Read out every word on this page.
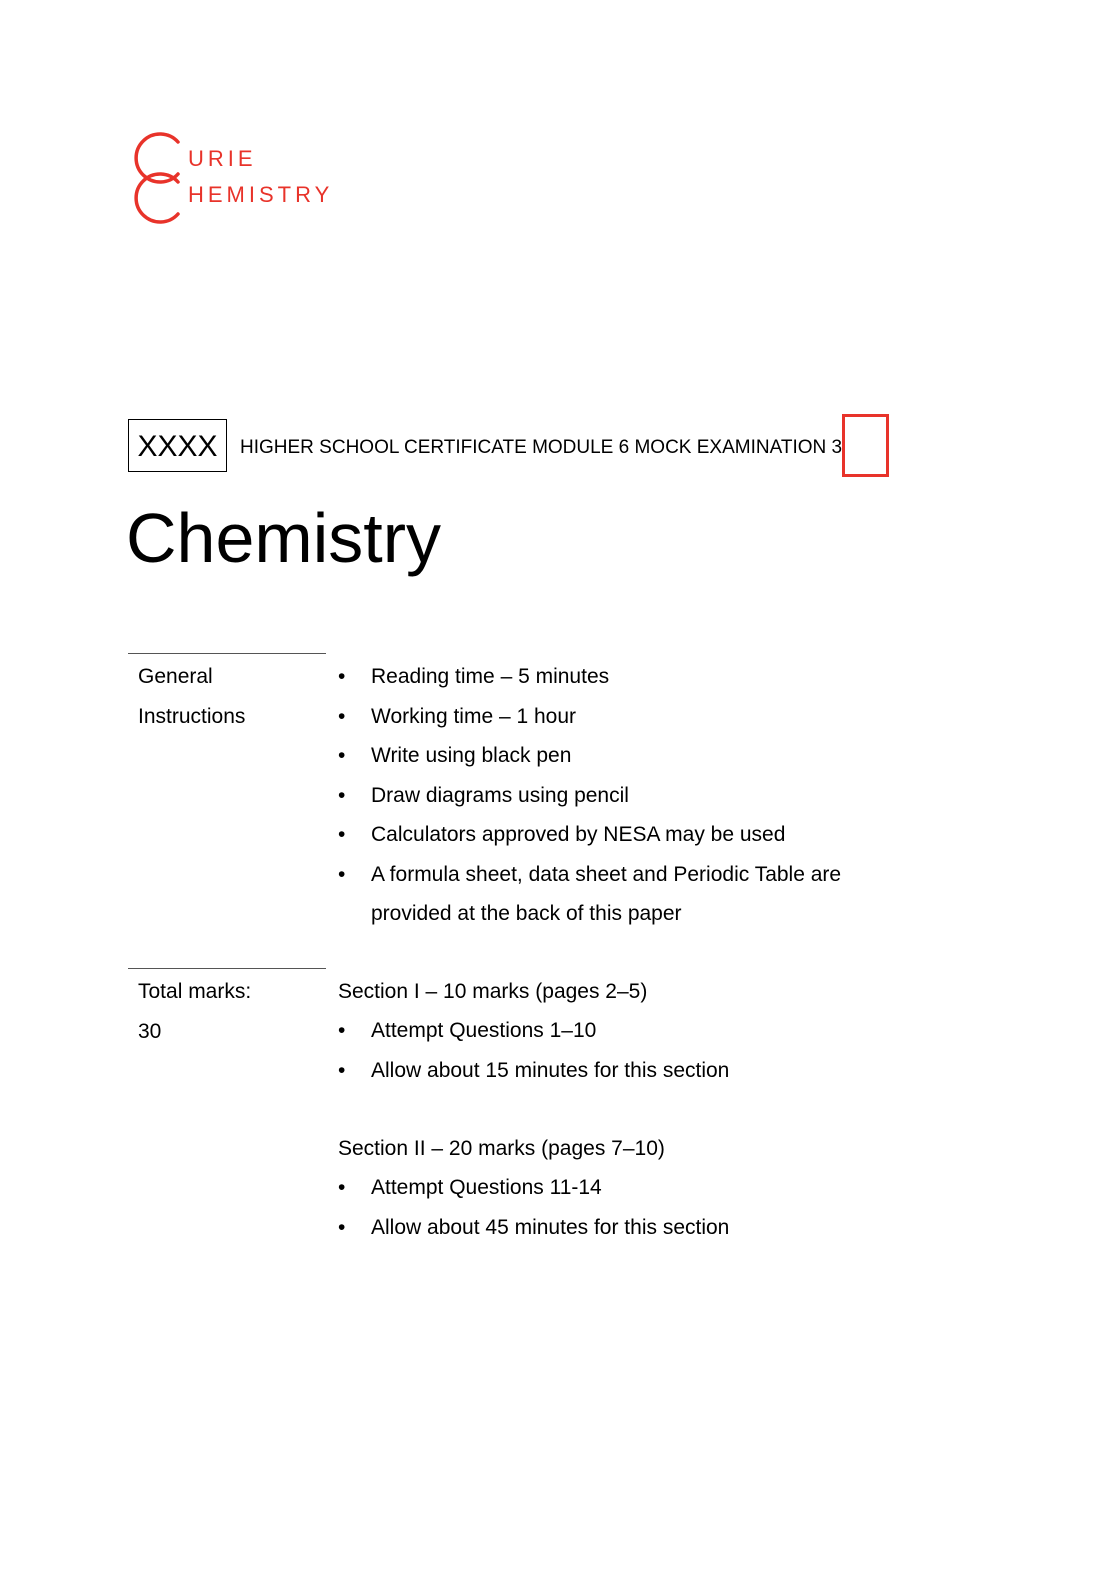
URIE
HEMISTRY
XXXX	HIGHER SCHOOL CERTIFICATE MODULE 6 MOCK EXAMINATION 3
Chemistry
General
Instructions
• Reading time – 5 minutes
• Working time – 1 hour
• Write using black pen
• Draw diagrams using pencil
• Calculators approved by NESA may be used
• A formula sheet, data sheet and Periodic Table are provided at the back of this paper
Total marks:
30
Section I – 10 marks (pages 2–5)
• Attempt Questions 1–10
• Allow about 15 minutes for this section
Section II – 20 marks (pages 7–10)
• Attempt Questions 11-14
• Allow about 45 minutes for this section
